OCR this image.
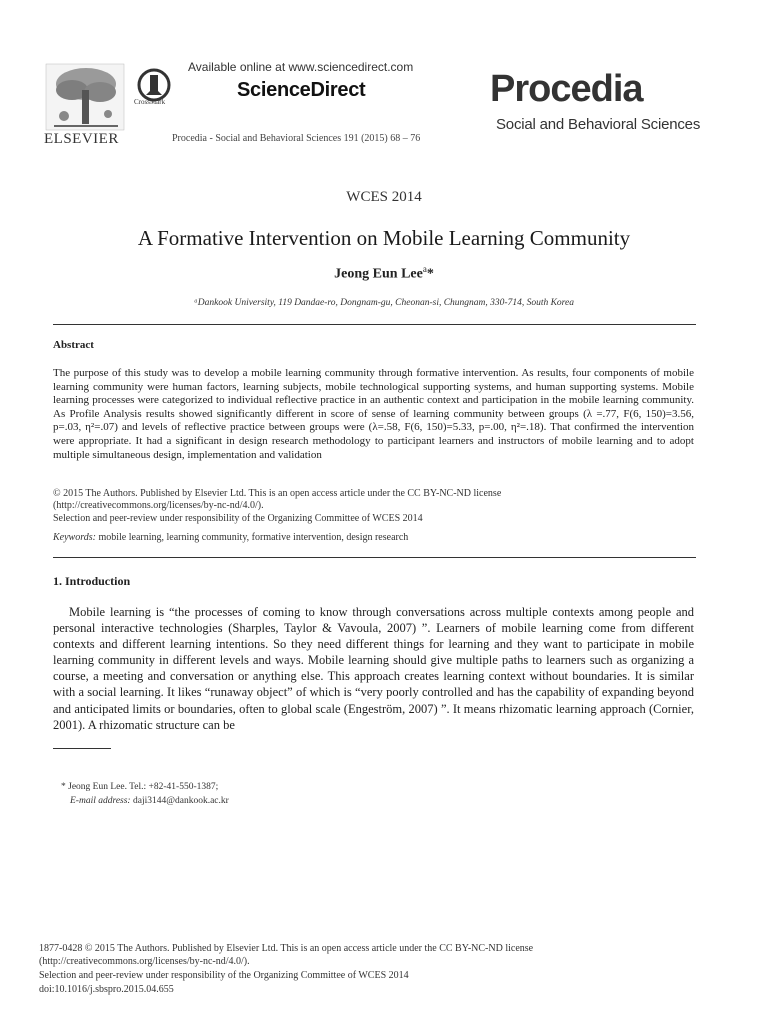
ELSEVIER
CrossMark
Available online at www.sciencedirect.com
ScienceDirect
Procedia - Social and Behavioral Sciences 191 (2015) 68 – 76
Procedia
Social and Behavioral Sciences
WCES 2014
A Formative Intervention on Mobile Learning Community
Jeong Eun Lee$^a$*
ᵃDankook University, 119 Dandae-ro, Dongnam-gu, Cheonan-si, Chungnam, 330-714, South Korea
Abstract
The purpose of this study was to develop a mobile learning community through formative intervention. As results, four components of mobile learning community were human factors, learning subjects, mobile technological supporting systems, and human supporting systems. Mobile learning processes were categorized to individual reflective practice in an authentic context and participation in the mobile learning community. As Profile Analysis results showed significantly different in score of sense of learning community between groups (λ =.77, F(6, 150)=3.56, p=.03, η²=.07) and levels of reflective practice between groups were (λ=.58, F(6, 150)=5.33, p=.00, η²=.18). That confirmed the intervention were appropriate. It had a significant in design research methodology to participant learners and instructors of mobile learning and to adopt multiple simultaneous design, implementation and validation
© 2015 The Authors. Published by Elsevier Ltd. This is an open access article under the CC BY-NC-ND license
(http://creativecommons.org/licenses/by-nc-nd/4.0/).
Selection and peer-review under responsibility of the Organizing Committee of WCES 2014
Keywords: mobile learning, learning community, formative intervention, design research
1. Introduction
Mobile learning is “the processes of coming to know through conversations across multiple contexts among people and personal interactive technologies (Sharples, Taylor & Vavoula, 2007) ”. Learners of mobile learning come from different contexts and different learning intentions. So they need different things for learning and they want to participate in mobile learning community in different levels and ways. Mobile learning should give multiple paths to learners such as organizing a course, a meeting and conversation or anything else. This approach creates learning context without boundaries. It is similar with a social learning. It likes “runaway object” of which is “very poorly controlled and has the capability of expanding beyond and anticipated limits or boundaries, often to global scale (Engeström, 2007) ”. It means rhizomatic learning approach (Cornier, 2001). A rhizomatic structure can be
* Jeong Eun Lee. Tel.: +82-41-550-1387;
E-mail address: daji3144@dankook.ac.kr
1877-0428 © 2015 The Authors. Published by Elsevier Ltd. This is an open access article under the CC BY-NC-ND license
(http://creativecommons.org/licenses/by-nc-nd/4.0/).
Selection and peer-review under responsibility of the Organizing Committee of WCES 2014
doi:10.1016/j.sbspro.2015.04.655
